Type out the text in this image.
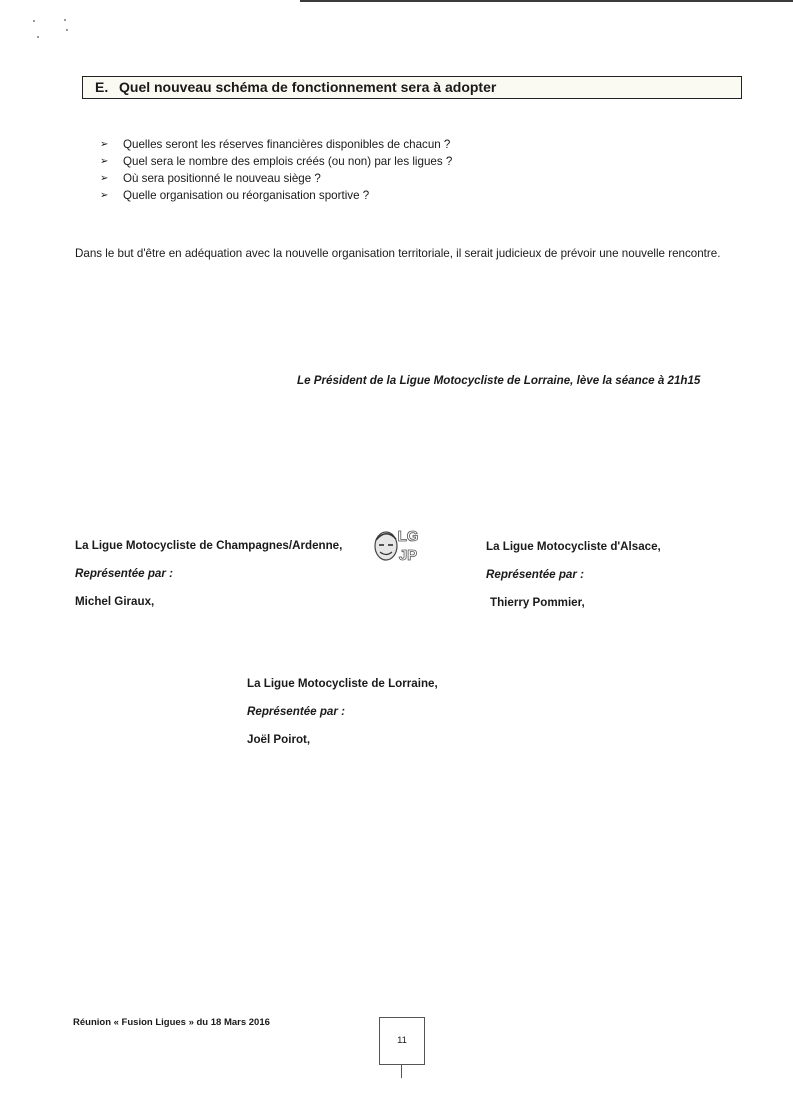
E. Quel nouveau schéma de fonctionnement sera à adopter
➢ Quelles seront les réserves financières disponibles de chacun ?
➢ Quel sera le nombre des emplois créés (ou non) par les ligues ?
➢ Où sera positionné le nouveau siège ?
➢ Quelle organisation ou réorganisation sportive ?

Dans le but d'être en adéquation avec la nouvelle organisation territoriale, il serait judicieux de prévoir une nouvelle rencontre.

Le Président de la Ligue Motocycliste de Lorraine, lève la séance à 21h15
La Ligue Motocycliste de Champagnes/Ardenne,
Représentée par :
Michel Giraux,
La Ligue Motocycliste d'Alsace,
Représentée par :
Thierry Pommier,
La Ligue Motocycliste de Lorraine,
Représentée par :
Joël Poirot,
LG
JP
Réunion « Fusion Ligues » du 18 Mars 2016
11
